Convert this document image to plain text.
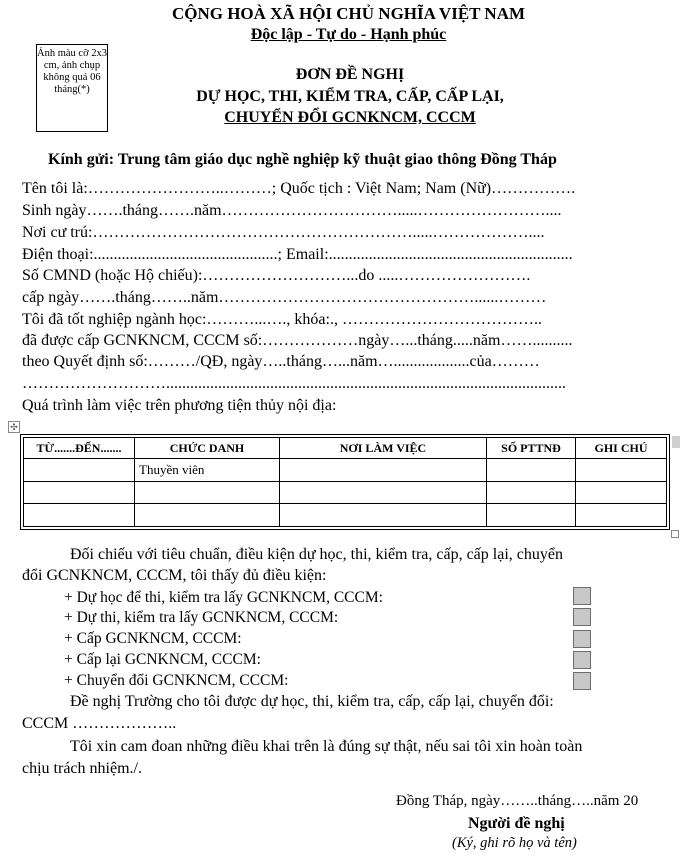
CỘNG HOÀ XÃ HỘI CHỦ NGHĨA VIỆT NAM
Độc lập - Tự do - Hạnh phúc
Ảnh màu cỡ 2x3 cm, ảnh chụp không quá 06 tháng(*)
ĐƠN ĐỀ NGHỊ
DỰ HỌC, THI, KIỂM TRA, CẤP, CẤP LẠI,
CHUYỂN ĐỔI GCNKNCM, CCCM
Kính gửi: Trung tâm giáo dục nghề nghiệp kỹ thuật giao thông Đồng Tháp
Tên tôi là:……………………..………; Quốc tịch : Việt Nam; Nam (Nữ)…………….
Sinh ngày…….tháng…….năm…………………………….....……………………....
Nơi cư trú:…………………………………………………….....………………....
Điện thoại:..............................................; Email:.............................................................
Số CMND (hoặc Hộ chiếu):………………………...do .....…………………….
cấp ngày…….tháng……..năm…………………………………………......………
Tôi đã tốt nghiệp ngành học:………...…., khóa:., ………………………………..
đã được cấp GCNKNCM, CCCM số:………………ngày…...tháng.....năm……..........
theo Quyết định số:………/QĐ, ngày…..tháng…...năm…...................của………
………………………....................................................................................................
Quá trình làm việc trên phương tiện thủy nội địa:
✣
TỪ.......ĐẾN.......	CHỨC DANH	NƠI LÀM VIỆC	SỐ PTTNĐ	GHI CHÚ
	Thuyền viên			

Đối chiếu với tiêu chuẩn, điều kiện dự học, thi, kiểm tra, cấp, cấp lại, chuyển
đổi GCNKNCM, CCCM, tôi thấy đủ điều kiện:
+ Dự học để thi, kiểm tra lấy GCNKNCM, CCCM:
+ Dự thi, kiểm tra lấy GCNKNCM, CCCM:
+ Cấp GCNKNCM, CCCM:
+ Cấp lại GCNKNCM, CCCM:
+ Chuyển đổi GCNKNCM, CCCM:
Đề nghị Trường cho tôi được dự học, thi, kiểm tra, cấp, cấp lại, chuyển đổi:
CCCM ………………..
Tôi xin cam đoan những điều khai trên là đúng sự thật, nếu sai tôi xin hoàn toàn
chịu trách nhiệm./.
Đồng Tháp, ngày……..tháng…..năm 20
Người đề nghị
(Ký, ghi rõ họ và tên)
